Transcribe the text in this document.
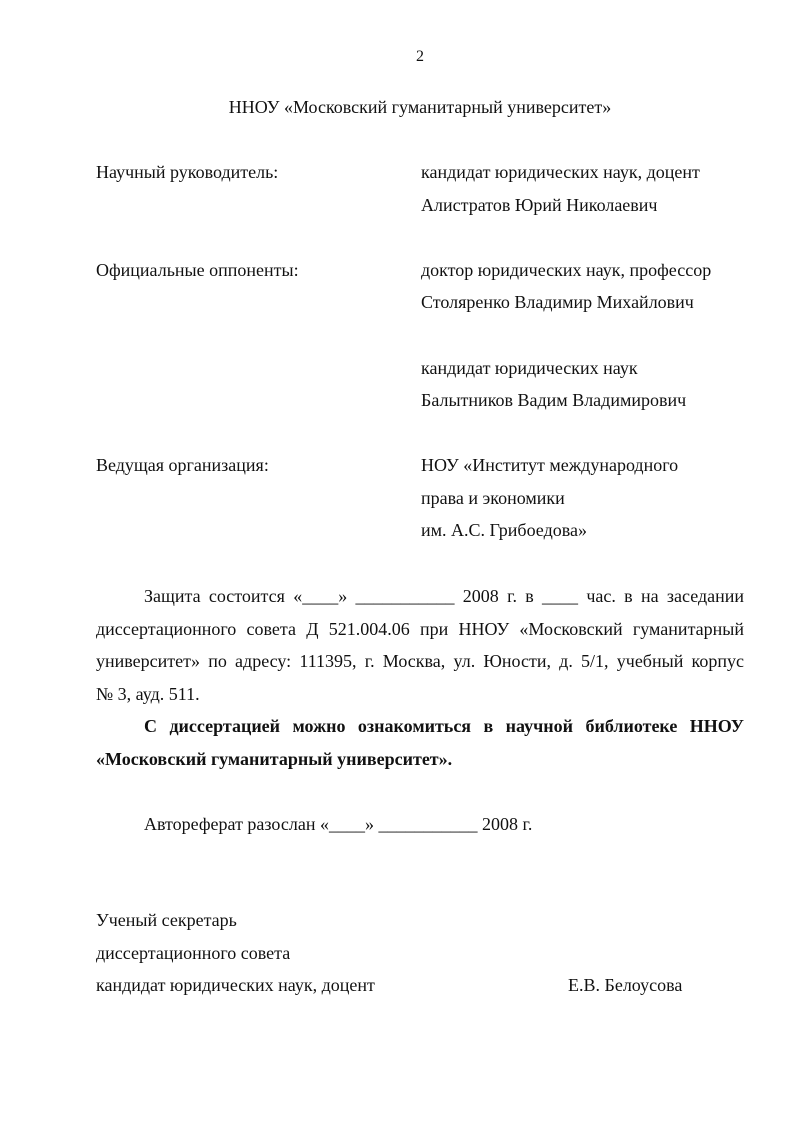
2
ННОУ «Московский гуманитарный университет»
Научный руководитель:	кандидат юридических наук, доцент
Алистратов Юрий Николаевич
Официальные оппоненты:	доктор юридических наук, профессор
Столяренко Владимир Михайлович
кандидат юридических наук
Балытников Вадим Владимирович
Ведущая организация:	НОУ «Институт международного
права и экономики
им. А.С. Грибоедова»
Защита состоится «____» ___________ 2008 г. в ____ час. в на заседании
диссертационного совета Д 521.004.06 при ННОУ «Московский гуманитарный
университет» по адресу: 111395, г. Москва, ул. Юности, д. 5/1, учебный корпус
№ 3, ауд. 511.
С диссертацией можно ознакомиться в научной библиотеке ННОУ
«Московский гуманитарный университет».
Автореферат разослан «____» ___________ 2008 г.
Ученый секретарь
диссертационного совета
кандидат юридических наук, доцент	Е.В. Белоусова
